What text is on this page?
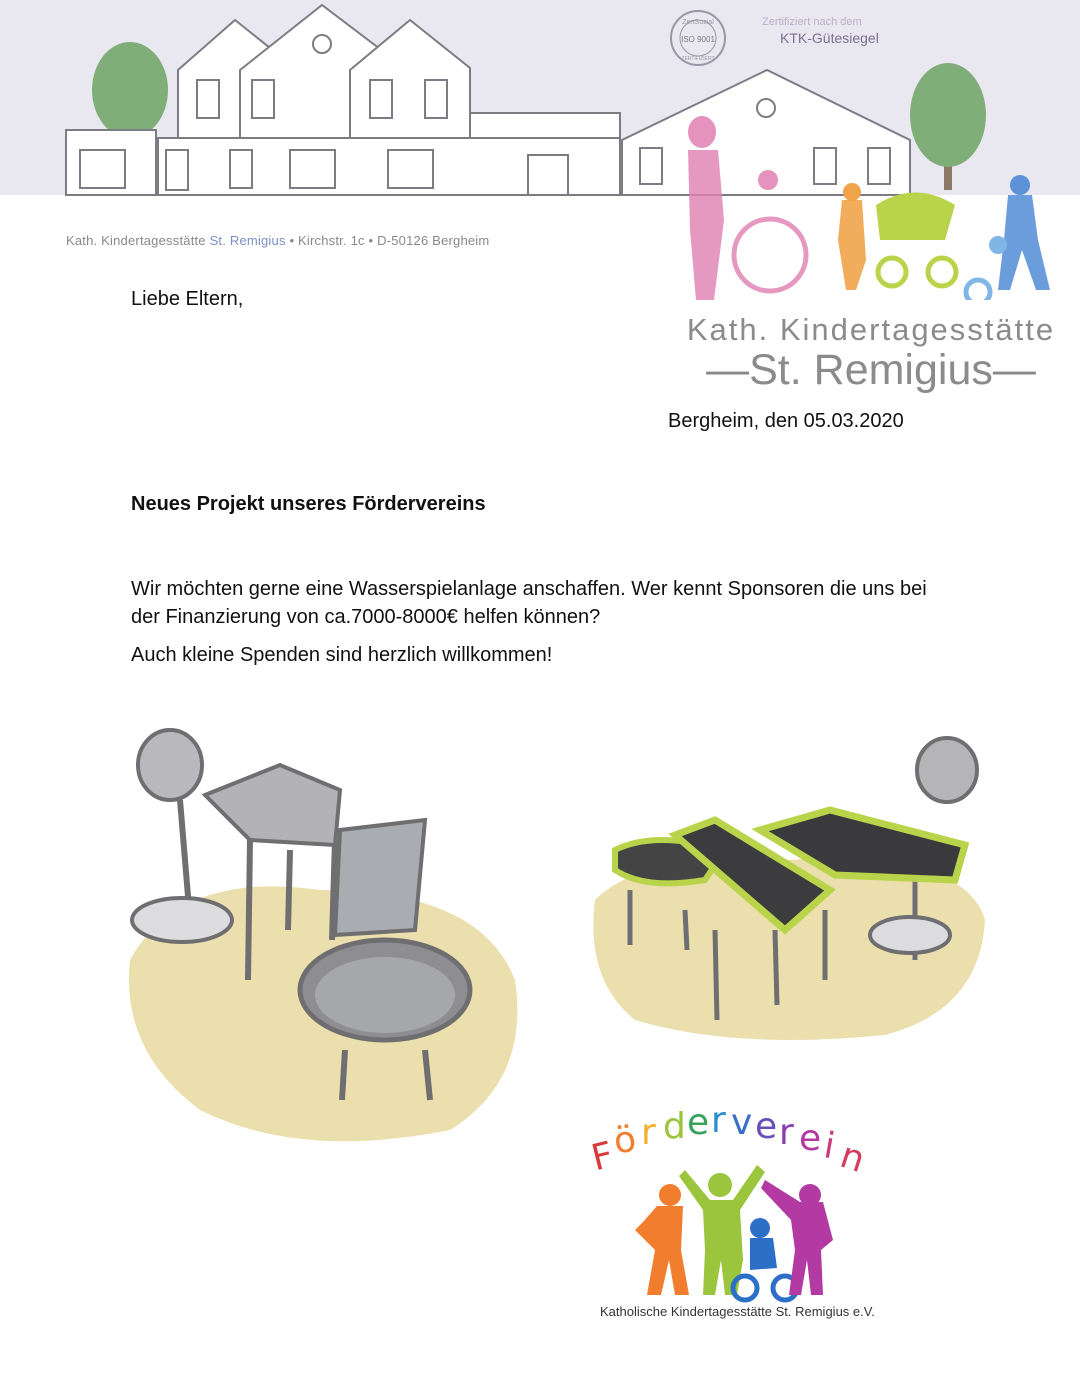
Kath. Kindertagesstätte St. Remigius • Kirchstr. 1c • D-50126 Bergheim
ZertSozial
ISO 9001
ZERTIFIZIERT
Zertifiziert nach dem
KTK-Gütesiegel
Kath. Kindertagesstätte
—St. Remigius—
Liebe Eltern,
Bergheim, den 05.03.2020
Neues Projekt unseres Fördervereins
Wir möchten gerne eine Wasserspielanlage anschaffen. Wer kennt Sponsoren die uns bei der Finanzierung von ca.7000-8000€ helfen können?
Auch kleine Spenden sind herzlich willkommen!
F
ö r d e r v e r e i
n
Katholische Kindertagesstätte St. Remigius e.V.
